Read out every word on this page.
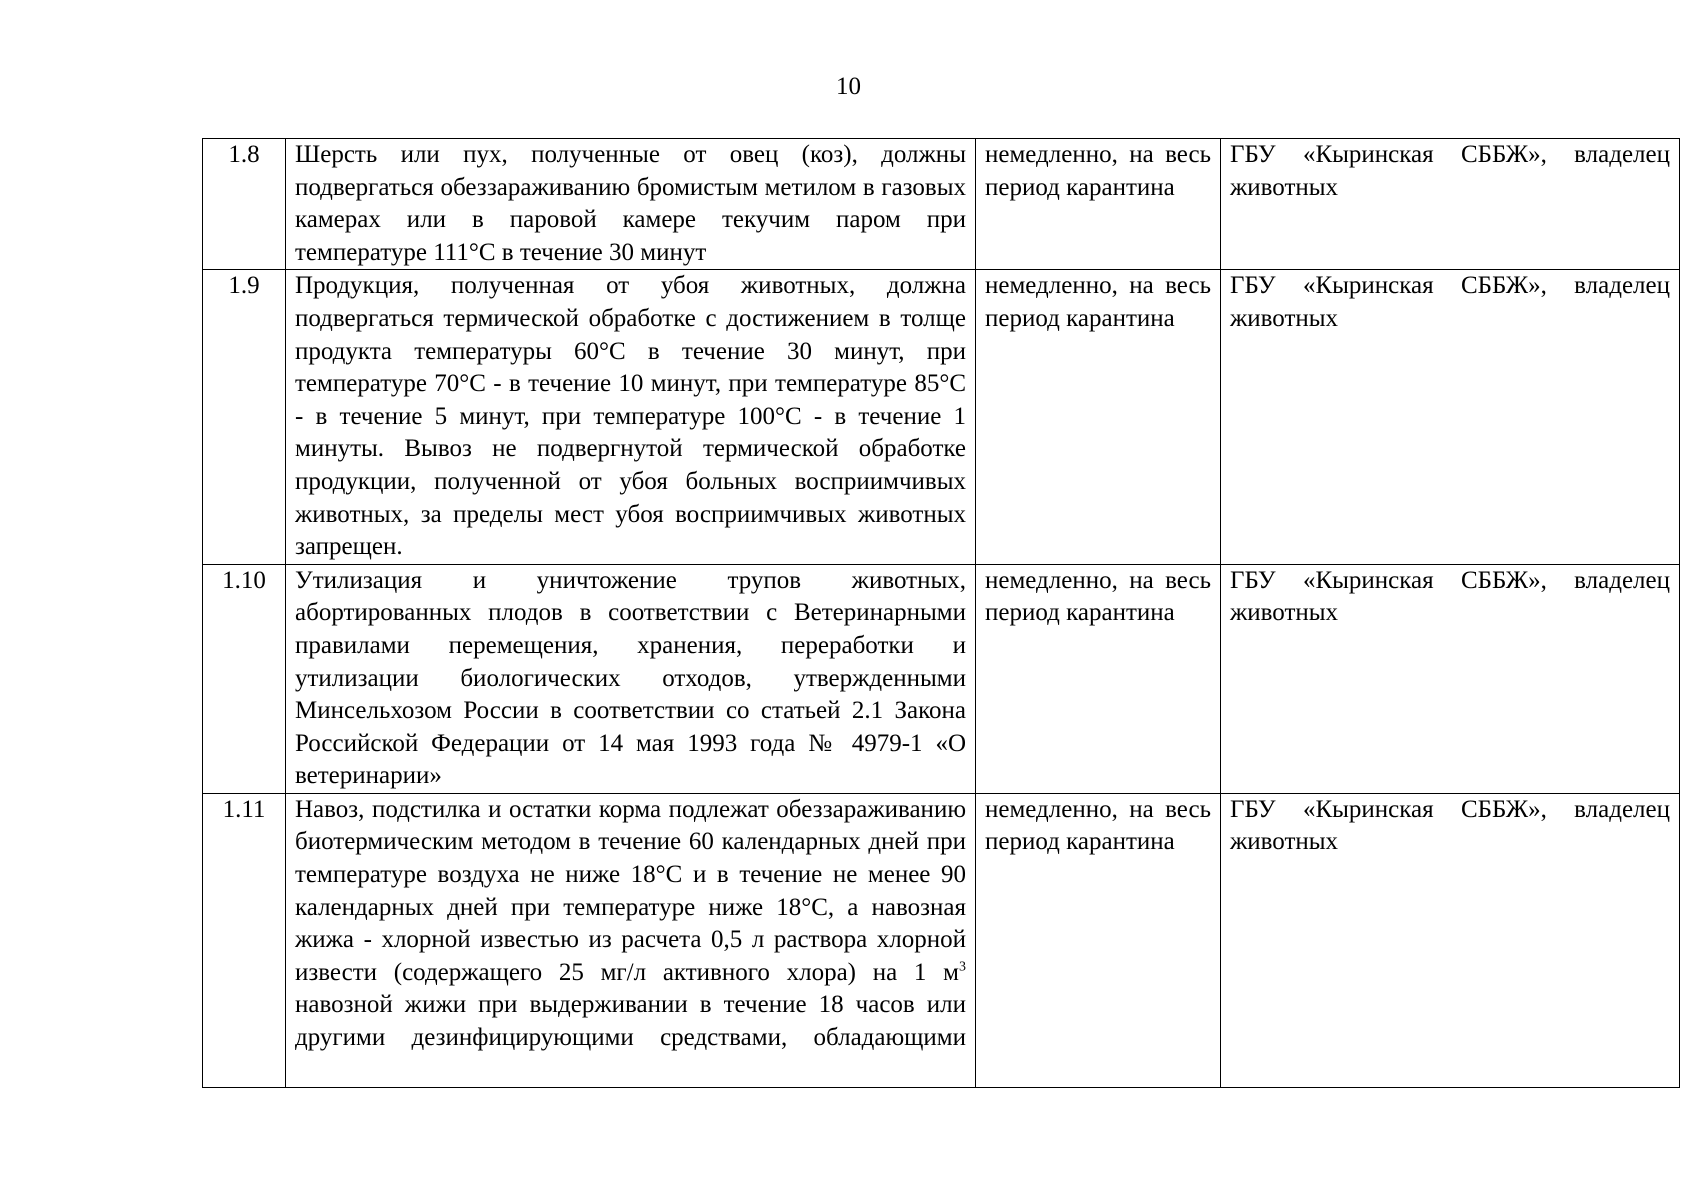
10
1.8	Шерсть или пух, полученные от овец (коз), должны подвергаться обеззараживанию бромистым метилом в газовых камерах или в паровой камере текучим паром при температуре 111°С в течение 30 минут	немедленно, на весь период карантина	ГБУ «Кыринская СББЖ», владелец животных
1.9	Продукция, полученная от убоя животных, должна подвергаться термической обработке с достижением в толще продукта температуры 60°С в течение 30 минут, при температуре 70°С - в течение 10 минут, при температуре 85°С - в течение 5 минут, при температуре 100°С - в течение 1 минуты. Вывоз не подвергнутой термической обработке продукции, полученной от убоя больных восприимчивых животных, за пределы мест убоя восприимчивых животных запрещен.	немедленно, на весь период карантина	ГБУ «Кыринская СББЖ», владелец животных
1.10	Утилизация и уничтожение трупов животных, абортированных плодов в соответствии с Ветеринарными правилами перемещения, хранения, переработки и утилизации биологических отходов, утвержденными Минсельхозом России в соответствии со статьей 2.1 Закона Российской Федерации от 14 мая 1993 года № 4979-1 «О ветеринарии»	немедленно, на весь период карантина	ГБУ «Кыринская СББЖ», владелец животных
1.11	Навоз, подстилка и остатки корма подлежат обеззараживанию биотермическим методом в течение 60 календарных дней при температуре воздуха не ниже 18°С и в течение не менее 90 календарных дней при температуре ниже 18°С, а навозная жижа - хлорной известью из расчета 0,5 л раствора хлорной извести (содержащего 25 мг/л активного хлора) на 1 $м^3$ навозной жижи при выдерживании в течение 18 часов или другими дезинфицирующими средствами, обладающими	немедленно, на весь период карантина	ГБУ «Кыринская СББЖ», владелец животных
